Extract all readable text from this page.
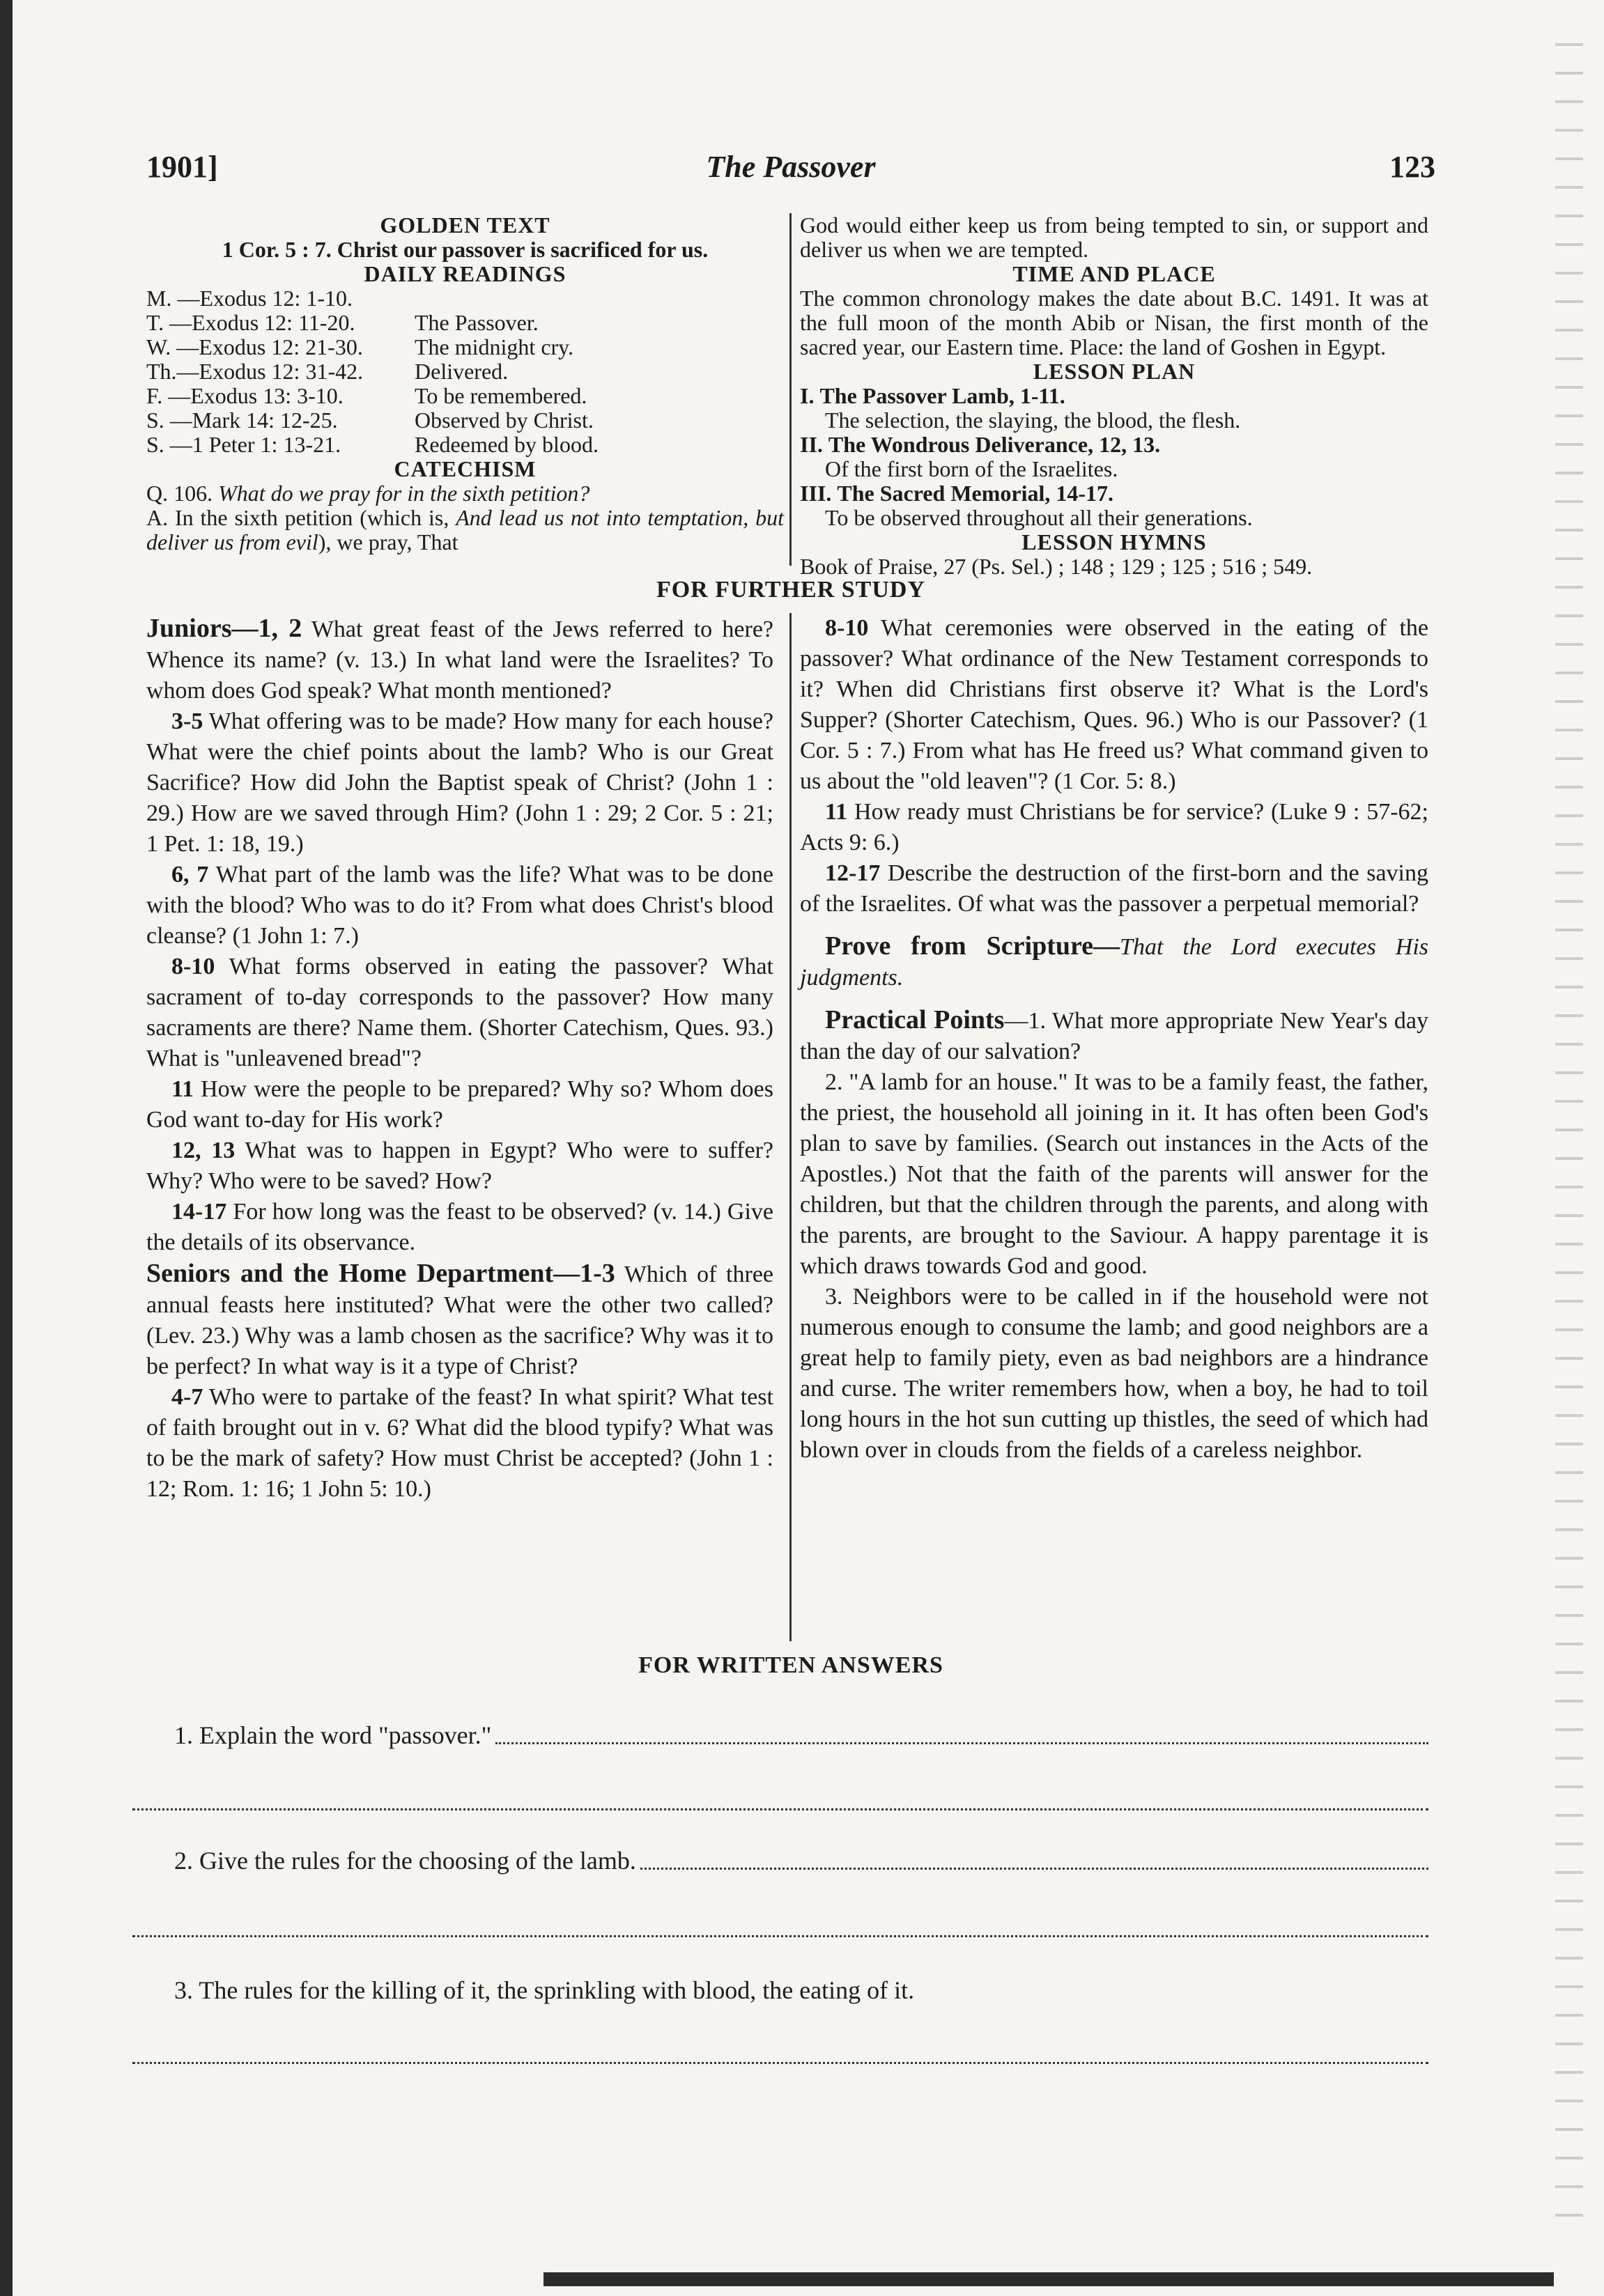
1901]	The Passover	123
GOLDEN TEXT
1 Cor. 5 : 7. Christ our passover is sacrificed for us.
DAILY READINGS
M. —Exodus 12: 1-10.
T. —Exodus 12: 11-20.	The Passover.
W. —Exodus 12: 21-30.	The midnight cry.
Th.—Exodus 12: 31-42.	Delivered.
F. —Exodus 13: 3-10.	To be remembered.
S. —Mark 14: 12-25.	Observed by Christ.
S. —1 Peter 1: 13-21.	Redeemed by blood.
CATECHISM
Q. 106. What do we pray for in the sixth petition?
A. In the sixth petition (which is, And lead us not into temptation, but deliver us from evil), we pray, That

God would either keep us from being tempted to sin, or support and deliver us when we are tempted.

TIME AND PLACE

The common chronology makes the date about B.C. 1491. It was at the full moon of the month Abib or Nisan, the first month of the sacred year, our Eastern time. Place: the land of Goshen in Egypt.

LESSON PLAN
I. The Passover Lamb, 1-11.
The selection, the slaying, the blood, the flesh.
II. The Wondrous Deliverance, 12, 13.
Of the first born of the Israelites.
III. The Sacred Memorial, 14-17.
To be observed throughout all their generations.
LESSON HYMNS

Book of Praise, 27 (Ps. Sel.) ; 148 ; 129 ; 125 ; 516 ; 549.

FOR FURTHER STUDY

Juniors—1, 2 What great feast of the Jews referred to here? Whence its name? (v. 13.) In what land were the Israelites? To whom does God speak? What month mentioned?

3-5 What offering was to be made? How many for each house? What were the chief points about the lamb? Who is our Great Sacrifice? How did John the Baptist speak of Christ? (John 1 : 29.) How are we saved through Him? (John 1 : 29; 2 Cor. 5 : 21; 1 Pet. 1: 18, 19.)

6, 7 What part of the lamb was the life? What was to be done with the blood? Who was to do it? From what does Christ's blood cleanse? (1 John 1: 7.)

8-10 What forms observed in eating the passover? What sacrament of to-day corresponds to the passover? How many sacraments are there? Name them. (Shorter Catechism, Ques. 93.) What is "unleavened bread"?

11 How were the people to be prepared? Why so? Whom does God want to-day for His work?

12, 13 What was to happen in Egypt? Who were to suffer? Why? Who were to be saved? How?

14-17 For how long was the feast to be observed? (v. 14.) Give the details of its observance.

Seniors and the Home Department—1-3 Which of three annual feasts here instituted? What were the other two called? (Lev. 23.) Why was a lamb chosen as the sacrifice? Why was it to be perfect? In what way is it a type of Christ?

4-7 Who were to partake of the feast? In what spirit? What test of faith brought out in v. 6? What did the blood typify? What was to be the mark of safety? How must Christ be accepted? (John 1 : 12; Rom. 1: 16; 1 John 5: 10.)

8-10 What ceremonies were observed in the eating of the passover? What ordinance of the New Testament corresponds to it? When did Christians first observe it? What is the Lord's Supper? (Shorter Catechism, Ques. 96.) Who is our Passover? (1 Cor. 5 : 7.) From what has He freed us? What command given to us about the "old leaven"? (1 Cor. 5: 8.)

11 How ready must Christians be for service? (Luke 9 : 57-62; Acts 9: 6.)

12-17 Describe the destruction of the first-born and the saving of the Israelites. Of what was the passover a perpetual memorial?

Prove from Scripture—That the Lord executes His judgments.

Practical Points—1. What more appropriate New Year's day than the day of our salvation?

2. "A lamb for an house." It was to be a family feast, the father, the priest, the household all joining in it. It has often been God's plan to save by families. (Search out instances in the Acts of the Apostles.) Not that the faith of the parents will answer for the children, but that the children through the parents, and along with the parents, are brought to the Saviour. A happy parentage it is which draws towards God and good.

3. Neighbors were to be called in if the household were not numerous enough to consume the lamb; and good neighbors are a great help to family piety, even as bad neighbors are a hindrance and curse. The writer remembers how, when a boy, he had to toil long hours in the hot sun cutting up thistles, the seed of which had blown over in clouds from the fields of a careless neighbor.

FOR WRITTEN ANSWERS
1. Explain the word "passover."
2. Give the rules for the choosing of the lamb.
3. The rules for the killing of it, the sprinkling with blood, the eating of it.
